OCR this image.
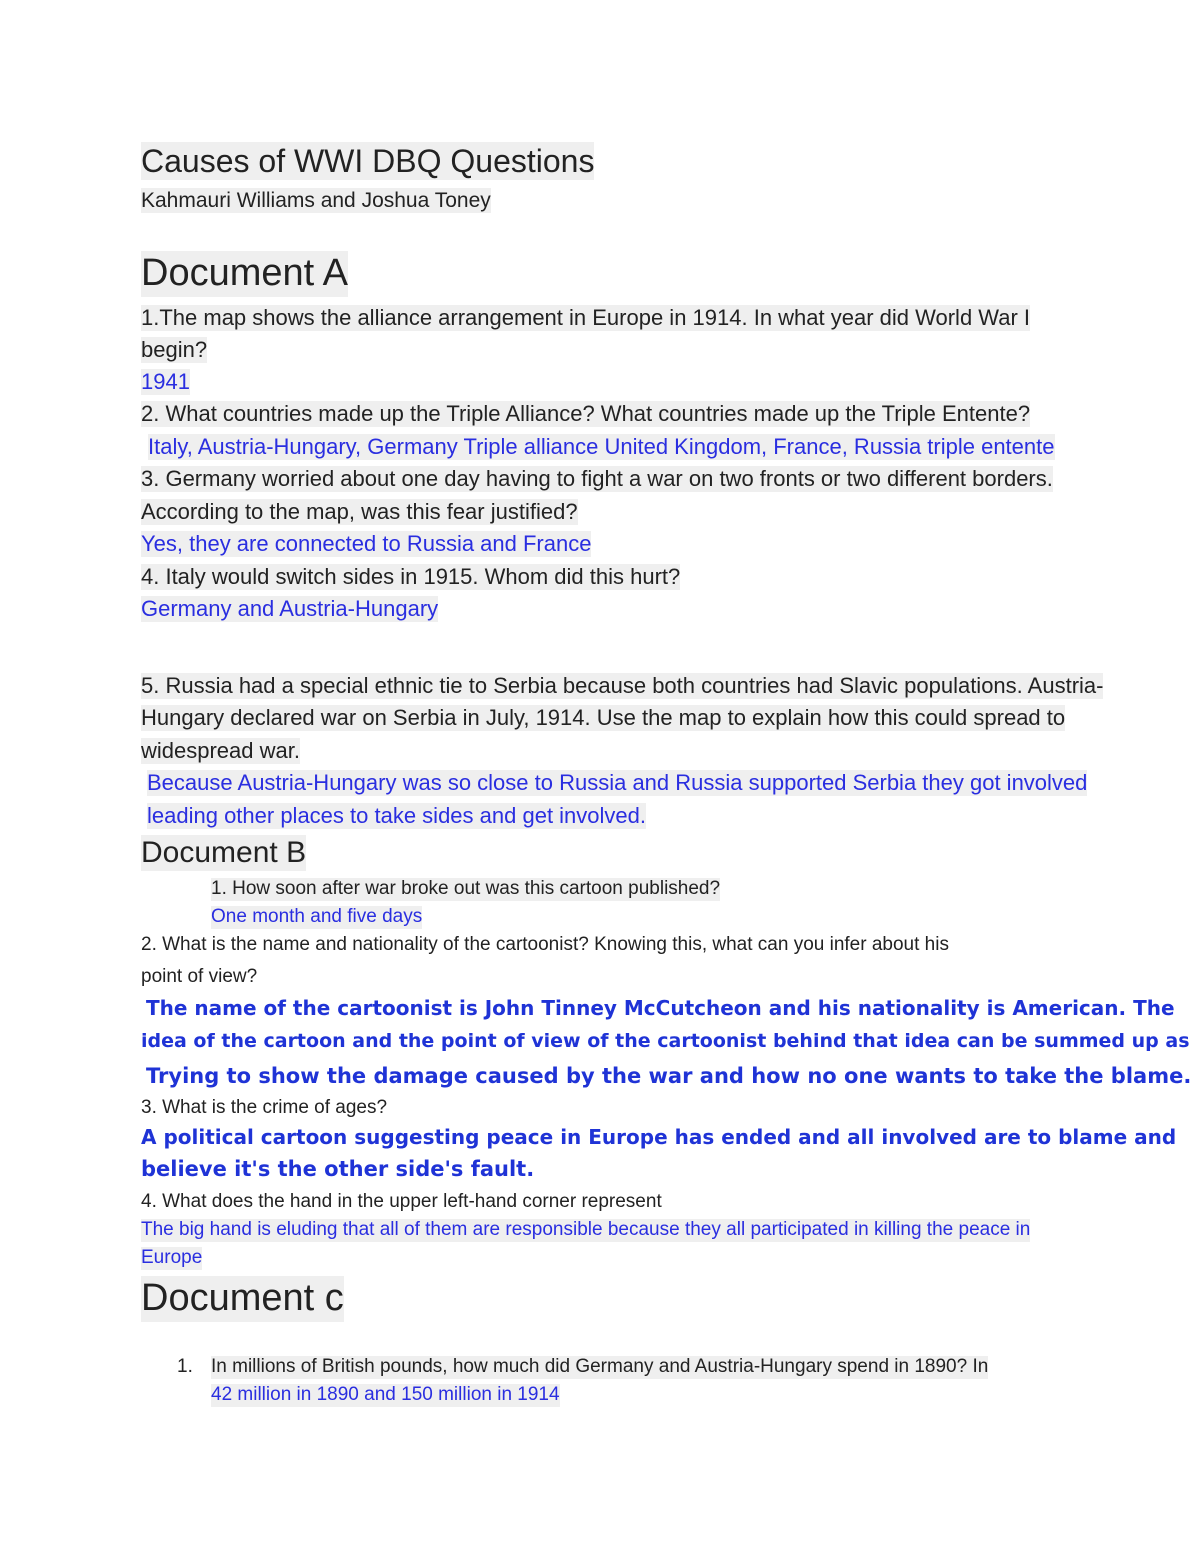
Causes of WWI DBQ Questions
Kahmauri Williams and Joshua Toney
Document A
1.The map shows the alliance arrangement in Europe in 1914. In what year did World War I
begin?
1941
2. What countries made up the Triple Alliance? What countries made up the Triple Entente?
Italy, Austria-Hungary, Germany Triple alliance United Kingdom, France, Russia triple entente
3. Germany worried about one day having to fight a war on two fronts or two different borders.
According to the map, was this fear justified?
Yes, they are connected to Russia and France
4. Italy would switch sides in 1915. Whom did this hurt?
Germany and Austria-Hungary
5. Russia had a special ethnic tie to Serbia because both countries had Slavic populations. Austria-
Hungary declared war on Serbia in July, 1914. Use the map to explain how this could spread to
widespread war.
Because Austria-Hungary was so close to Russia and Russia supported Serbia they got involved
leading other places to take sides and get involved.
Document B
1. How soon after war broke out was this cartoon published?
One month and five days
2. What is the name and nationality of the cartoonist? Knowing this, what can you infer about his
point of view?
The name of the cartoonist is John Tinney McCutcheon and his nationality is American. The
idea of the cartoon and the point of view of the cartoonist behind that idea can be summed up as
Trying to show the damage caused by the war and how no one wants to take the blame.
3. What is the crime of ages?
A political cartoon suggesting peace in Europe has ended and all involved are to blame and
believe it's the other side's fault.
4. What does the hand in the upper left-hand corner represent
The big hand is eluding that all of them are responsible because they all participated in killing the peace in
Europe
Document c
1. In millions of British pounds, how much did Germany and Austria-Hungary spend in 1890? In
42 million in 1890 and 150 million in 1914
